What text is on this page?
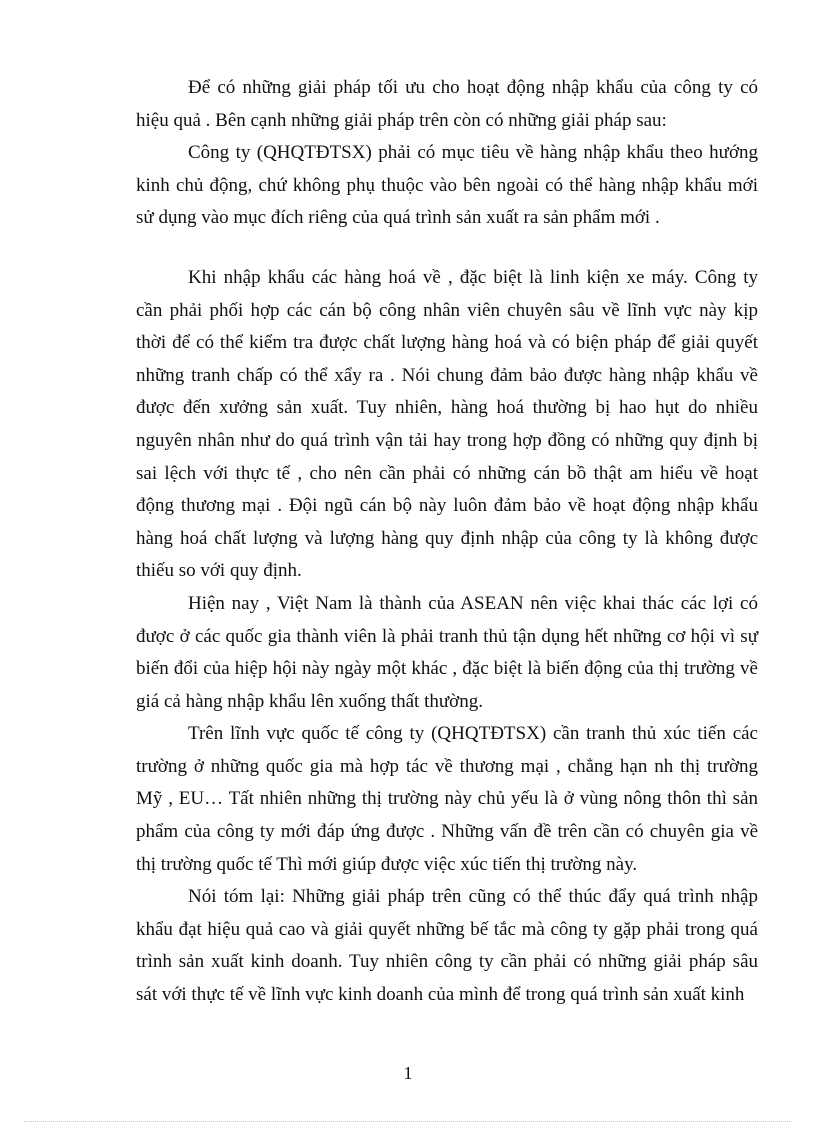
Để có những giải pháp tối ưu cho hoạt động nhập khẩu của công ty có
hiệu quả . Bên cạnh những giải pháp trên còn có những giải pháp sau:
Công ty (QHQTĐTSX) phải có mục tiêu về hàng nhập khẩu theo hướng
kinh chủ động, chứ không phụ thuộc vào bên ngoài có thể hàng nhập khẩu mới
sử dụng vào mục đích riêng của quá trình sản xuất ra sản phẩm mới .
Khi nhập khẩu các hàng hoá về , đặc biệt là linh kiện xe máy. Công ty
cần phải phối hợp các cán bộ công nhân viên chuyên sâu về lĩnh vực này kịp
thời để có thể kiểm tra được chất lượng hàng hoá và có biện pháp để giải quyết
những tranh chấp có thể xẩy ra . Nói chung đảm bảo được hàng nhập khẩu về
được đến xưởng sản xuất. Tuy nhiên, hàng hoá thường bị hao hụt do nhiều
nguyên nhân như do quá trình vận tải hay trong hợp đồng có những quy định bị
sai lệch với thực tế , cho nên cần phải có những cán bồ thật am hiểu về hoạt
động thương mại . Đội ngũ cán bộ này luôn đảm bảo về hoạt động nhập khẩu
hàng hoá chất lượng và lượng hàng quy định nhập của công ty là không được
thiếu so với quy định.
Hiện nay , Việt Nam là thành của ASEAN nên việc khai thác các lợi có
được ở các quốc gia thành viên là phải tranh thủ tận dụng hết những cơ hội vì sự
biến đổi của hiệp hội này ngày một khác , đặc biệt là biến động của thị trường về
giá cả hàng nhập khẩu lên xuống thất thường.
Trên lĩnh vực quốc tế công ty (QHQTĐTSX) cần tranh thủ xúc tiến các
trường ở những quốc gia mà hợp tác về thương mại , chẳng hạn nh thị trường
Mỹ , EU… Tất nhiên những thị trường này chủ yếu là ở vùng nông thôn thì sản
phẩm của công ty mới đáp ứng được . Những vấn đề trên cần có chuyên gia về
thị trường quốc tế Thì mới giúp được việc xúc tiến thị trường này.
Nói tóm lại: Những giải pháp trên cũng có thể thúc đẩy quá trình nhập
khẩu đạt hiệu quả cao và giải quyết những bế tắc mà công ty gặp phải trong quá
trình sản xuất kinh doanh. Tuy nhiên công ty cần phải có những giải pháp sâu
sát với thực tế về lĩnh vực kinh doanh của mình để trong quá trình sản xuất kinh
1
